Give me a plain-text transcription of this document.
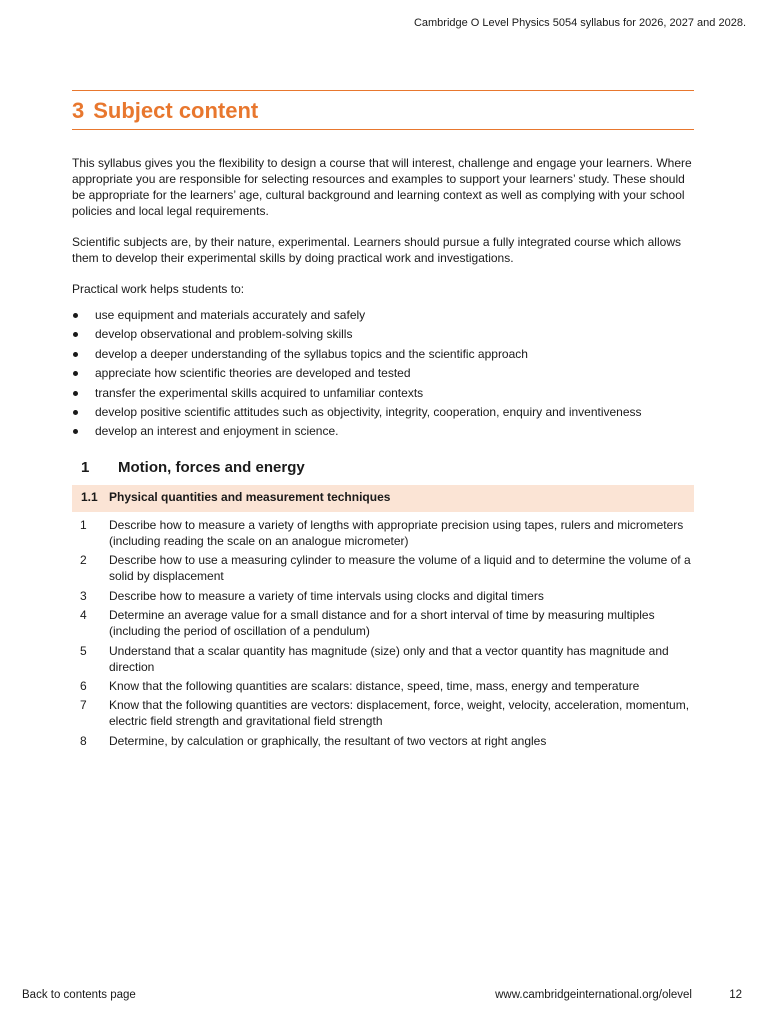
Cambridge O Level Physics 5054 syllabus for 2026, 2027 and 2028.
3 Subject content

This syllabus gives you the flexibility to design a course that will interest, challenge and engage your learners. Where appropriate you are responsible for selecting resources and examples to support your learners’ study. These should be appropriate for the learners’ age, cultural background and learning context as well as complying with your school policies and local legal requirements.

Scientific subjects are, by their nature, experimental. Learners should pursue a fully integrated course which allows them to develop their experimental skills by doing practical work and investigations.

Practical work helps students to:

use equipment and materials accurately and safely
develop observational and problem-solving skills
develop a deeper understanding of the syllabus topics and the scientific approach
appreciate how scientific theories are developed and tested
transfer the experimental skills acquired to unfamiliar contexts
develop positive scientific attitudes such as objectivity, integrity, cooperation, enquiry and inventiveness
develop an interest and enjoyment in science.
1 Motion, forces and energy
1.1 Physical quantities and measurement techniques
1 Describe how to measure a variety of lengths with appropriate precision using tapes, rulers and micrometers (including reading the scale on an analogue micrometer)
2 Describe how to use a measuring cylinder to measure the volume of a liquid and to determine the volume of a solid by displacement
3 Describe how to measure a variety of time intervals using clocks and digital timers
4 Determine an average value for a small distance and for a short interval of time by measuring multiples (including the period of oscillation of a pendulum)
5 Understand that a scalar quantity has magnitude (size) only and that a vector quantity has magnitude and direction
6 Know that the following quantities are scalars: distance, speed, time, mass, energy and temperature
7 Know that the following quantities are vectors: displacement, force, weight, velocity, acceleration, momentum, electric field strength and gravitational field strength
8 Determine, by calculation or graphically, the resultant of two vectors at right angles
Back to contents page	www.cambridgeinternational.org/olevel	12
